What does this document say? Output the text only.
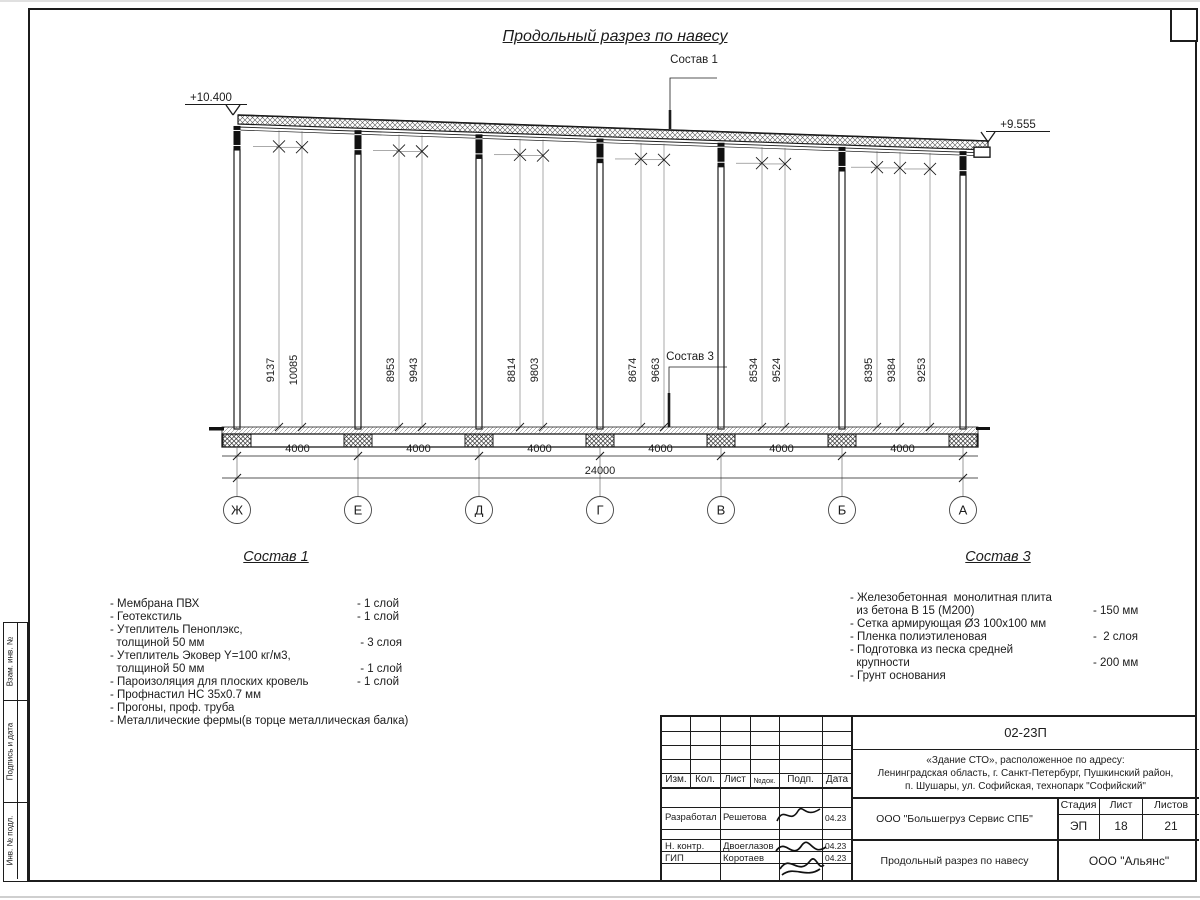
9137 10085	8953 9943	8814 9803	8674 9663	8534 9524	8395 9384 9253
4000	4000	4000	4000	4000	4000
24000
Ж	Е	Д	Г	В	Б	А
+10.400
+9.555
Состав 1
Состав 3
Продольный разрез по навесу
Состав 1
- Мембрана ПВХ	- 1 слой
- Геотекстиль	- 1 слой
- Утеплитель Пеноплэкс,
толщиной 50 мм	- 3 слоя
- Утеплитель Эковер Y=100 кг/м3,
толщиной 50 мм	- 1 слой
- Пароизоляция для плоских кровель	- 1 слой
- Профнастил НС 35х0.7 мм
- Прогоны, проф. труба
- Металлические фермы(в торце металлическая балка)
Состав 3
- Железобетонная  монолитная плита
из бетона В 15 (М200)	- 150 мм
- Сетка армирующая Ø3 100х100 мм
- Пленка полиэтиленовая	-  2 слоя
- Подготовка из песка средней
крупности	- 200 мм
- Грунт основания
Взам. инв. №
Подпись и дата
Инв. № подл.
Изм. Кол. Лист	№док.	Подп.	Дата
Разработал Решетова	04.23
Н. контр. Двоеглазов	04.23
ГИП	Коротаев	04.23
02-23П
«Здание СТО», расположенное по адресу:
Ленинградская область, г. Санкт-Петербург, Пушкинский район,
п. Шушары, ул. Софийская, технопарк "Софийский"
ООО "Большегруз Сервис СПБ"
Стадия	Лист	Листов
ЭП	18	21
Продольный разрез по навесу	ООО "Альянс"
